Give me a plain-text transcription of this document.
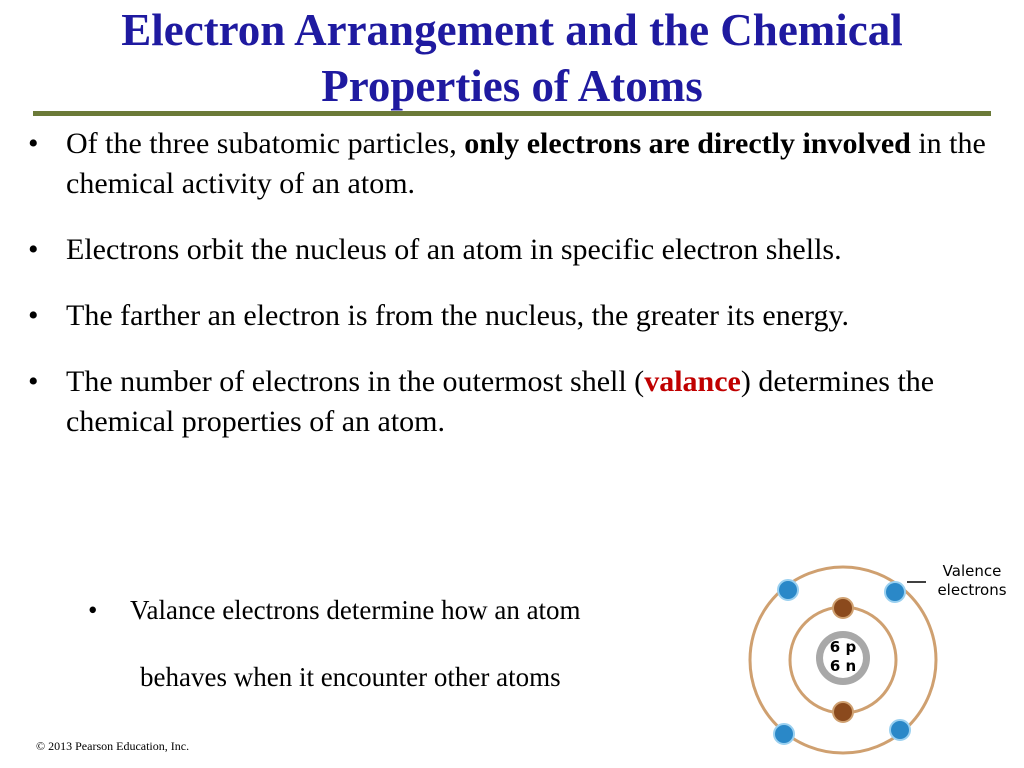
Electron Arrangement and the Chemical
Properties of Atoms
• Of the three subatomic particles, only electrons are directly involved in the chemical activity of an atom.
• Electrons orbit the nucleus of an atom in specific electron shells.
• The farther an electron is from the nucleus, the greater its energy.
• The number of electrons in the outermost shell (valance) determines the chemical properties of an atom.
• Valance electrons determine how an atom
behaves when it encounter other atoms
6 p
6 n
Valence
electrons
© 2013 Pearson Education, Inc.
